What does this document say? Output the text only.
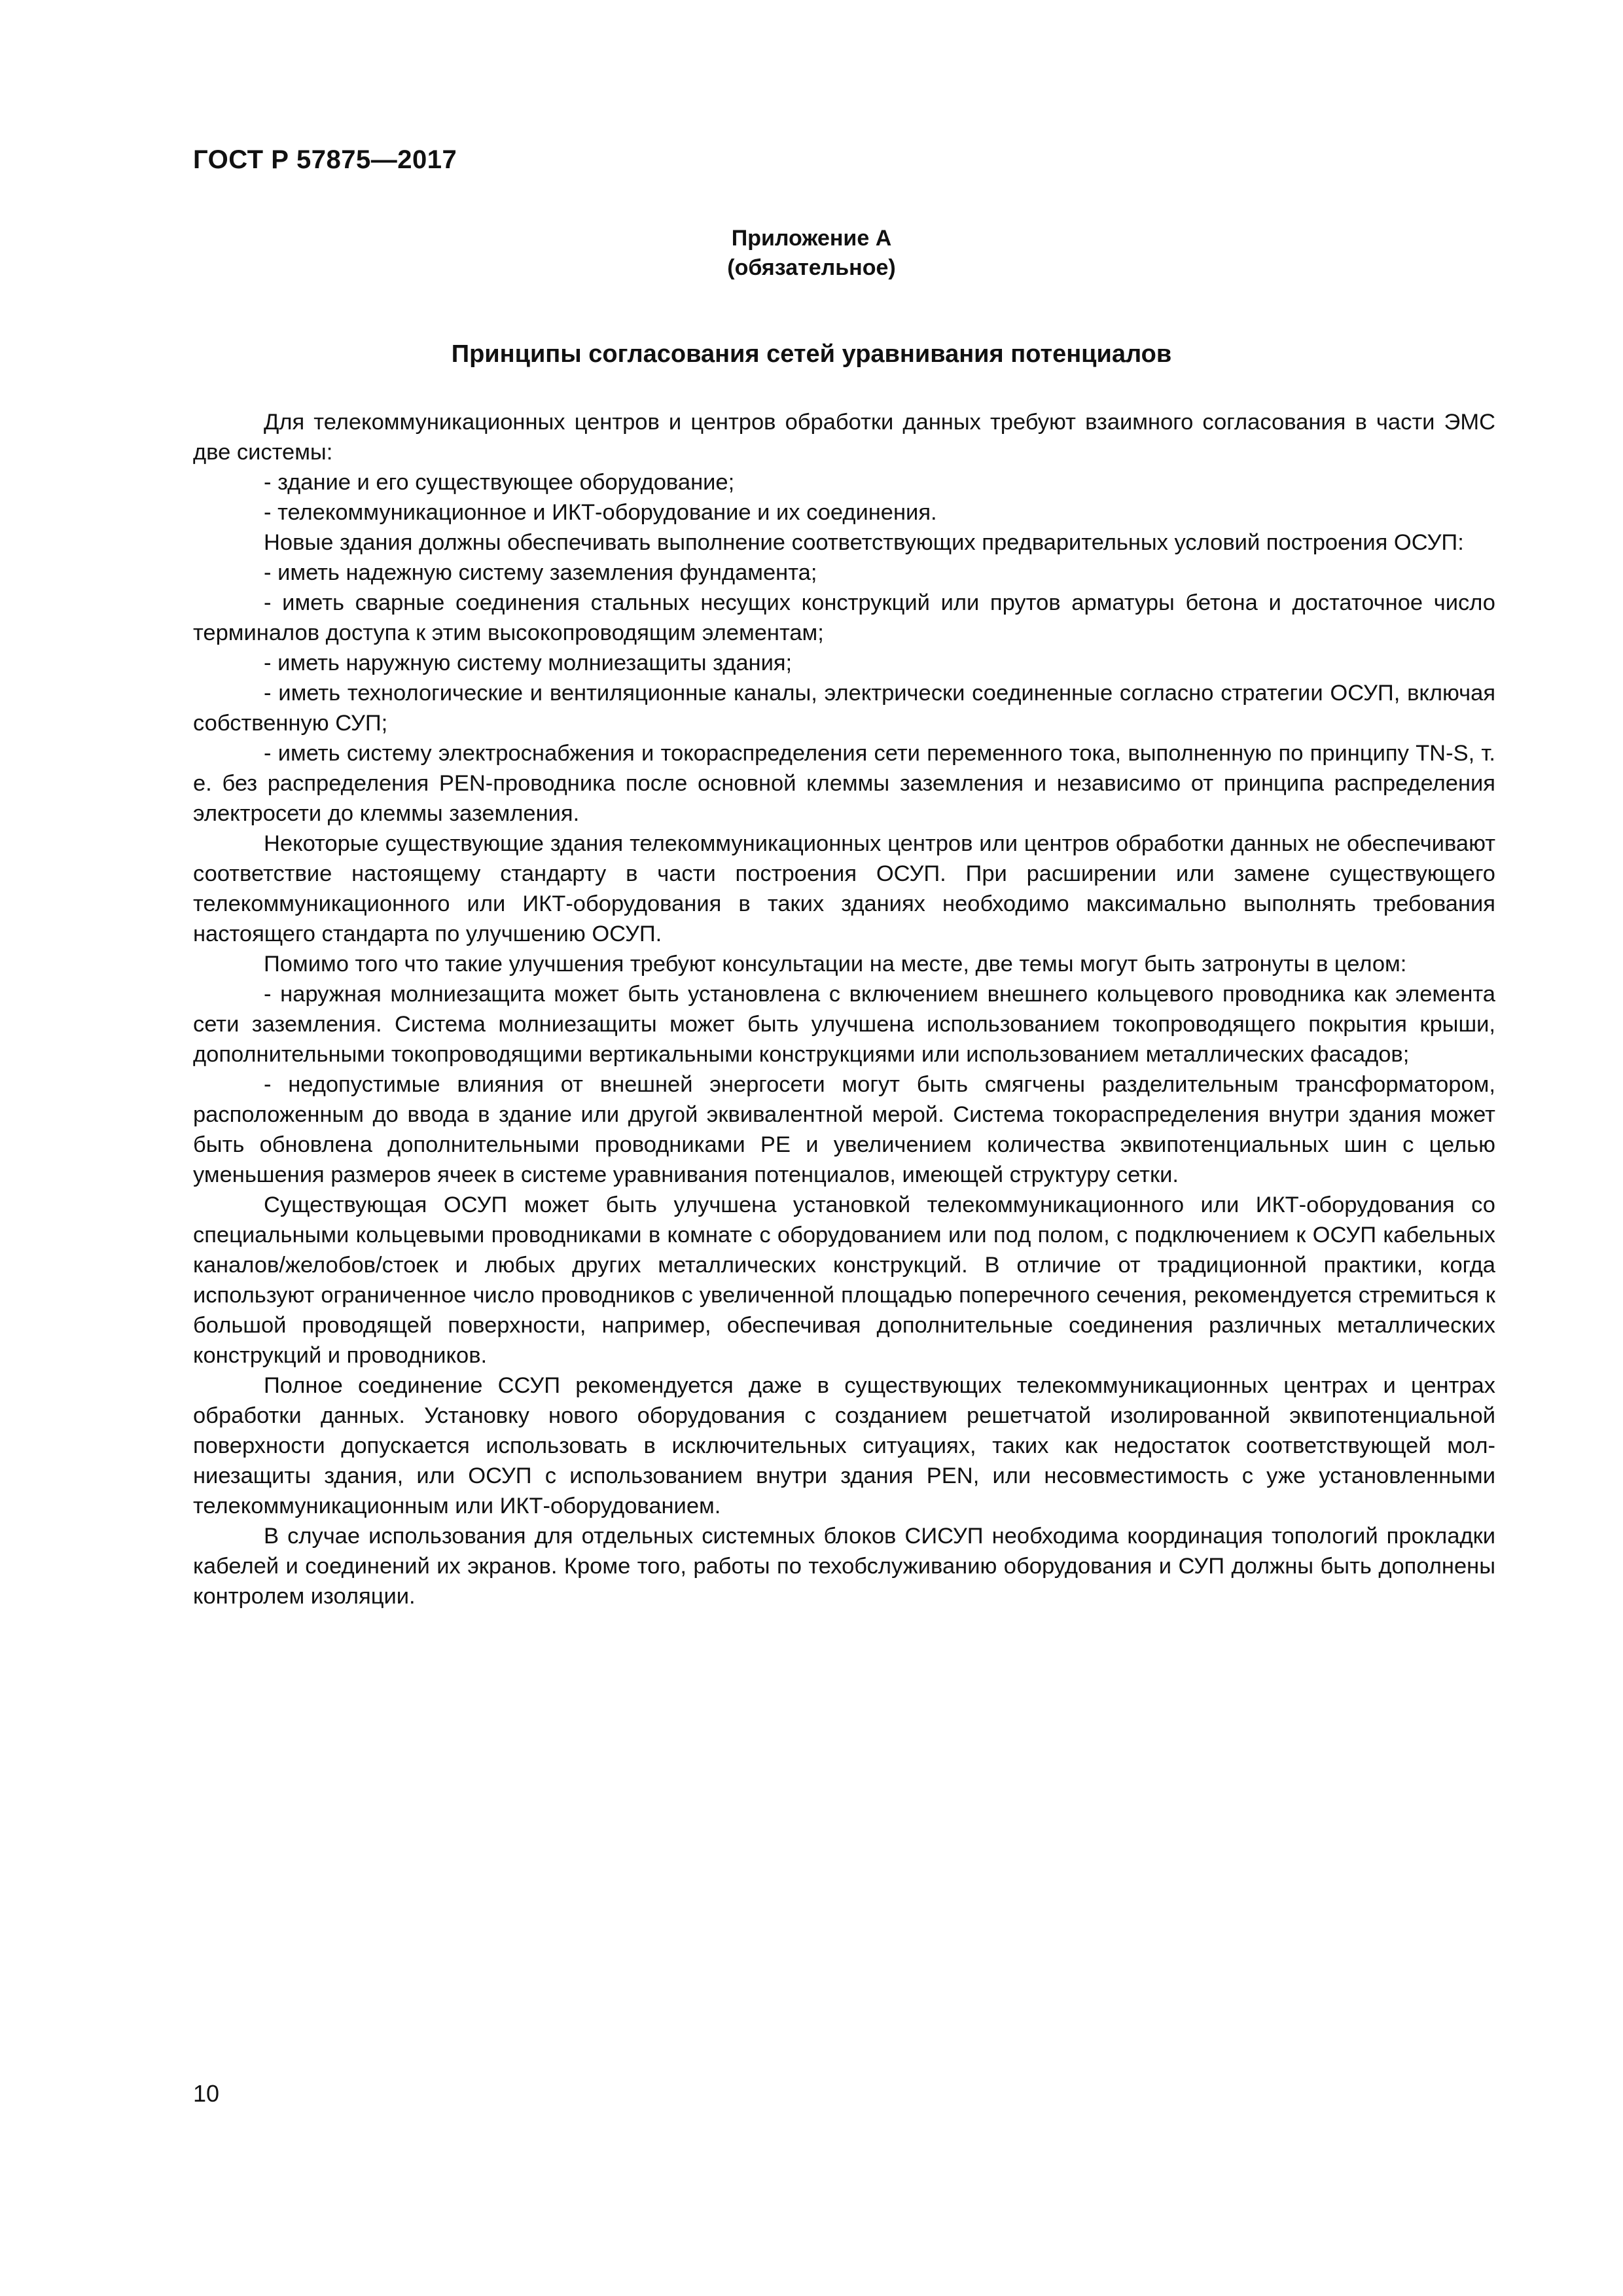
ГОСТ Р 57875—2017
Приложение А
(обязательное)
Принципы согласования сетей уравнивания потенциалов

Для телекоммуникационных центров и центров обработки данных требуют взаимного согласования в части ЭМС две системы:

- здание и его существующее оборудование;

- телекоммуникационное и ИКТ-оборудование и их соединения.

Новые здания должны обеспечивать выполнение соответствующих предварительных условий построения ОСУП:

- иметь надежную систему заземления фундамента;

- иметь сварные соединения стальных несущих конструкций или прутов арматуры бетона и достаточное число терминалов доступа к этим высокопроводящим элементам;

- иметь наружную систему молниезащиты здания;

- иметь технологические и вентиляционные каналы, электрически соединенные согласно стратегии ОСУП, включая собственную СУП;

- иметь систему электроснабжения и токораспределения сети переменного тока, выполненную по принципу TN-S, т. е. без распределения PEN-проводника после основной клеммы заземления и независимо от принципа распределения электросети до клеммы заземления.

Некоторые существующие здания телекоммуникационных центров или центров обработки данных не обеспечивают соответствие настоящему стандарту в части построения ОСУП. При расширении или замене существующего телекоммуникационного или ИКТ-оборудования в таких зданиях необходимо максимально выполнять требования настоящего стандарта по улучшению ОСУП.

Помимо того что такие улучшения требуют консультации на месте, две темы могут быть затронуты в целом:

- наружная молниезащита может быть установлена с включением внешнего кольцевого проводника как элемента сети заземления. Система молниезащиты может быть улучшена использованием токопроводящего покрытия крыши, дополнительными токопроводящими вертикальными конструкциями или использованием металлических фасадов;

- недопустимые влияния от внешней энергосети могут быть смягчены разделительным трансформатором, расположенным до ввода в здание или другой эквивалентной мерой. Система токораспределения внутри здания может быть обновлена дополнительными проводниками PE и увеличением количества эквипотенциальных шин с целью уменьшения размеров ячеек в системе уравнивания потенциалов, имеющей структуру сетки.

Существующая ОСУП может быть улучшена установкой телекоммуникационного или ИКТ-оборудования со специальными кольцевыми проводниками в комнате с оборудованием или под полом, с подключением к ОСУП кабельных каналов/желобов/стоек и любых других металлических конструкций. В отличие от традиционной практики, когда используют ограниченное число проводников с увеличенной площадью поперечного сечения, рекомендуется стремиться к большой проводящей поверхности, например, обеспечивая дополнительные соединения различных металлических конструкций и проводников.

Полное соединение ССУП рекомендуется даже в существующих телекоммуникационных центрах и центрах обработки данных. Установку нового оборудования с созданием решетчатой изолированной эквипотенциальной поверхности допускается использовать в исключительных ситуациях, таких как недостаток соответствующей молниезащиты здания, или ОСУП с использованием внутри здания PEN, или несовместимость с уже установленными телекоммуникационным или ИКТ-оборудованием.

В случае использования для отдельных системных блоков СИСУП необходима координация топологий прокладки кабелей и соединений их экранов. Кроме того, работы по техобслуживанию оборудования и СУП должны быть дополнены контролем изоляции.

10
